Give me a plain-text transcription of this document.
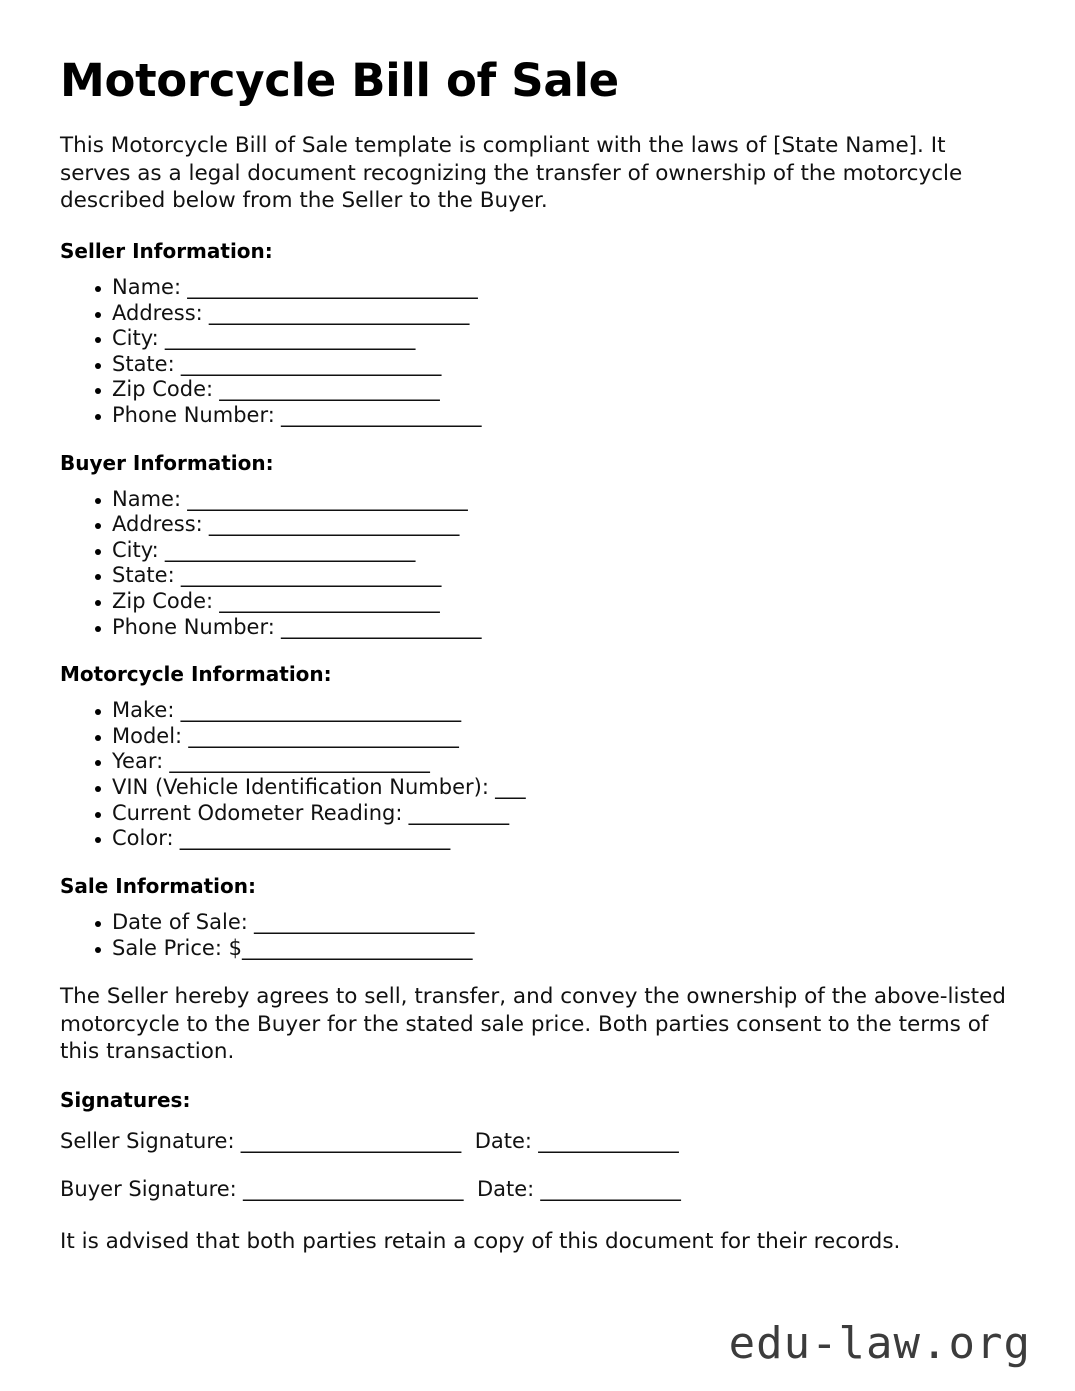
Motorcycle Bill of Sale

This Motorcycle Bill of Sale template is compliant with the laws of [State Name]. It serves as a legal document recognizing the transfer of ownership of the motorcycle described below from the Seller to the Buyer.

Seller Information:
Name: _____________________________
Address: __________________________
City: _________________________
State: __________________________
Zip Code: ______________________
Phone Number: ____________________
Buyer Information:
Name: ____________________________
Address: _________________________
City: _________________________
State: __________________________
Zip Code: ______________________
Phone Number: ____________________
Motorcycle Information:
Make: ____________________________
Model: ___________________________
Year: __________________________
VIN (Vehicle Identification Number): ___
Current Odometer Reading: __________
Color: ___________________________
Sale Information:
Date of Sale: ______________________
Sale Price: $_______________________

The Seller hereby agrees to sell, transfer, and convey the ownership of the above-listed motorcycle to the Buyer for the stated sale price. Both parties consent to the terms of this transaction.

Signatures:
Seller Signature: ______________________ Date: ______________
Buyer Signature: ______________________ Date: ______________

It is advised that both parties retain a copy of this document for their records.

edu-law.org
